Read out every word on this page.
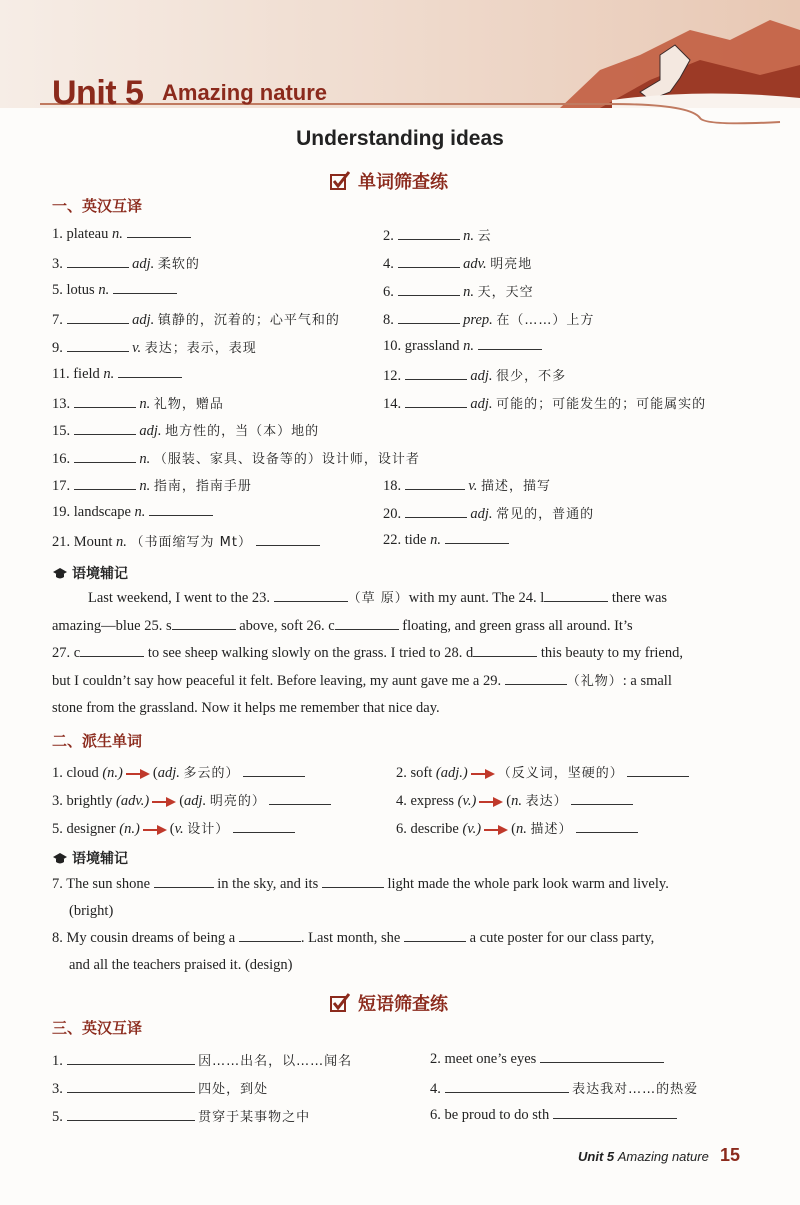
Unit 5 Amazing nature
Understanding ideas
单词筛查练
一、英汉互译
1. plateau n.	2.	n. 云
3.	adj. 柔软的	4.	adv. 明亮地
5. lotus n.	6.	n. 天，天空
7.	adj. 镇静的，沉着的；心平气和的	8.	prep. 在（……）上方
9.	v. 表达；表示，表现	10. grassland n.
11. field n.	12.	adj. 很少，不多
13.	n. 礼物，赠品	14.	adj. 可能的；可能发生的；可能属实的
15.	adj. 地方性的，当（本）地的
16.	n. （服装、家具、设备等的）设计师，设计者
17.	n. 指南，指南手册	18.	v. 描述，描写
19. landscape n.	20.	adj. 常见的，普通的
21. Mount n. （书面缩写为 Mt）	22. tide n.
语境辅记

Last weekend, I went to the 23.	（草 原）with my aunt. The 24. l	there was

amazing—blue 25. s	above, soft 26. c	floating, and green grass all around. It’s

27. c	to see sheep walking slowly on the grass. I tried to 28. d	this beauty to my friend,

but I couldn’t say how peaceful it felt. Before leaving, my aunt gave me a 29.	（礼物）: a small

stone from the grassland. Now it helps me remember that nice day.

二、派生单词
1. cloud (n.) (adj. 多云的）	2. soft (adj.) （反义词，坚硬的）
3. brightly (adv.) (adj. 明亮的）	4. express (v.) (n. 表达）
5. designer (n.) (v. 设计）	6. describe (v.) (n. 描述）
语境辅记

7. The sun shone	in the sky, and its	light made the whole park look warm and lively.

(bright)

8. My cousin dreams of being a	. Last month, she	a cute poster for our class party,

and all the teachers praised it. (design)

短语筛查练
三、英汉互译
1.	因……出名，以……闻名	2. meet one’s eyes
3.	四处，到处	4.	表达我对……的热爱
5.	贯穿于某事物之中	6. be proud to do sth
Unit 5 Amazing nature 15
